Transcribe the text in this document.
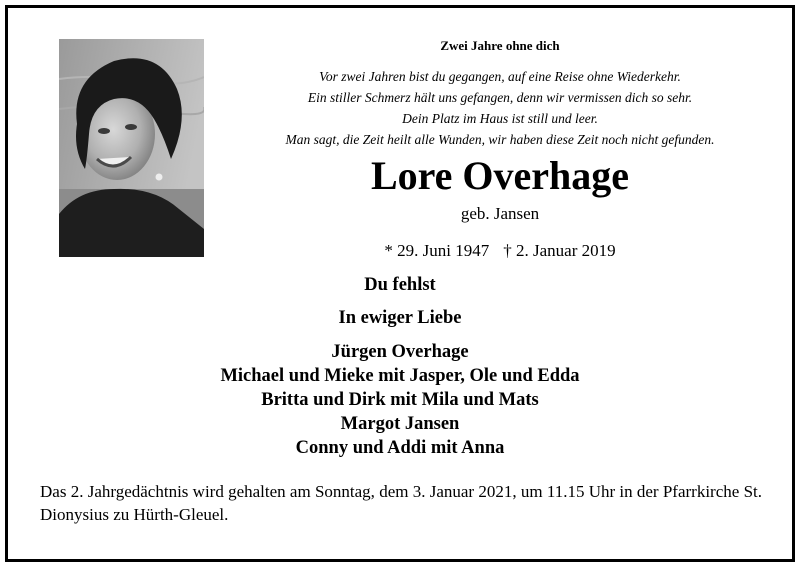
Zwei Jahre ohne dich
Vor zwei Jahren bist du gegangen, auf eine Reise ohne Wiederkehr.
Ein stiller Schmerz hält uns gefangen, denn wir vermissen dich so sehr.
Dein Platz im Haus ist still und leer.
Man sagt, die Zeit heilt alle Wunden, wir haben diese Zeit noch nicht gefunden.
Lore Overhage
geb. Jansen
* 29. Juni 1947 † 2. Januar 2019
Du fehlst
In ewiger Liebe
Jürgen Overhage
Michael und Mieke mit Jasper, Ole und Edda
Britta und Dirk mit Mila und Mats
Margot Jansen
Conny und Addi mit Anna
Das 2. Jahrgedächtnis wird gehalten am Sonntag, dem 3. Januar 2021, um 11.15 Uhr in der Pfarrkirche St. Dionysius zu Hürth-Gleuel.
